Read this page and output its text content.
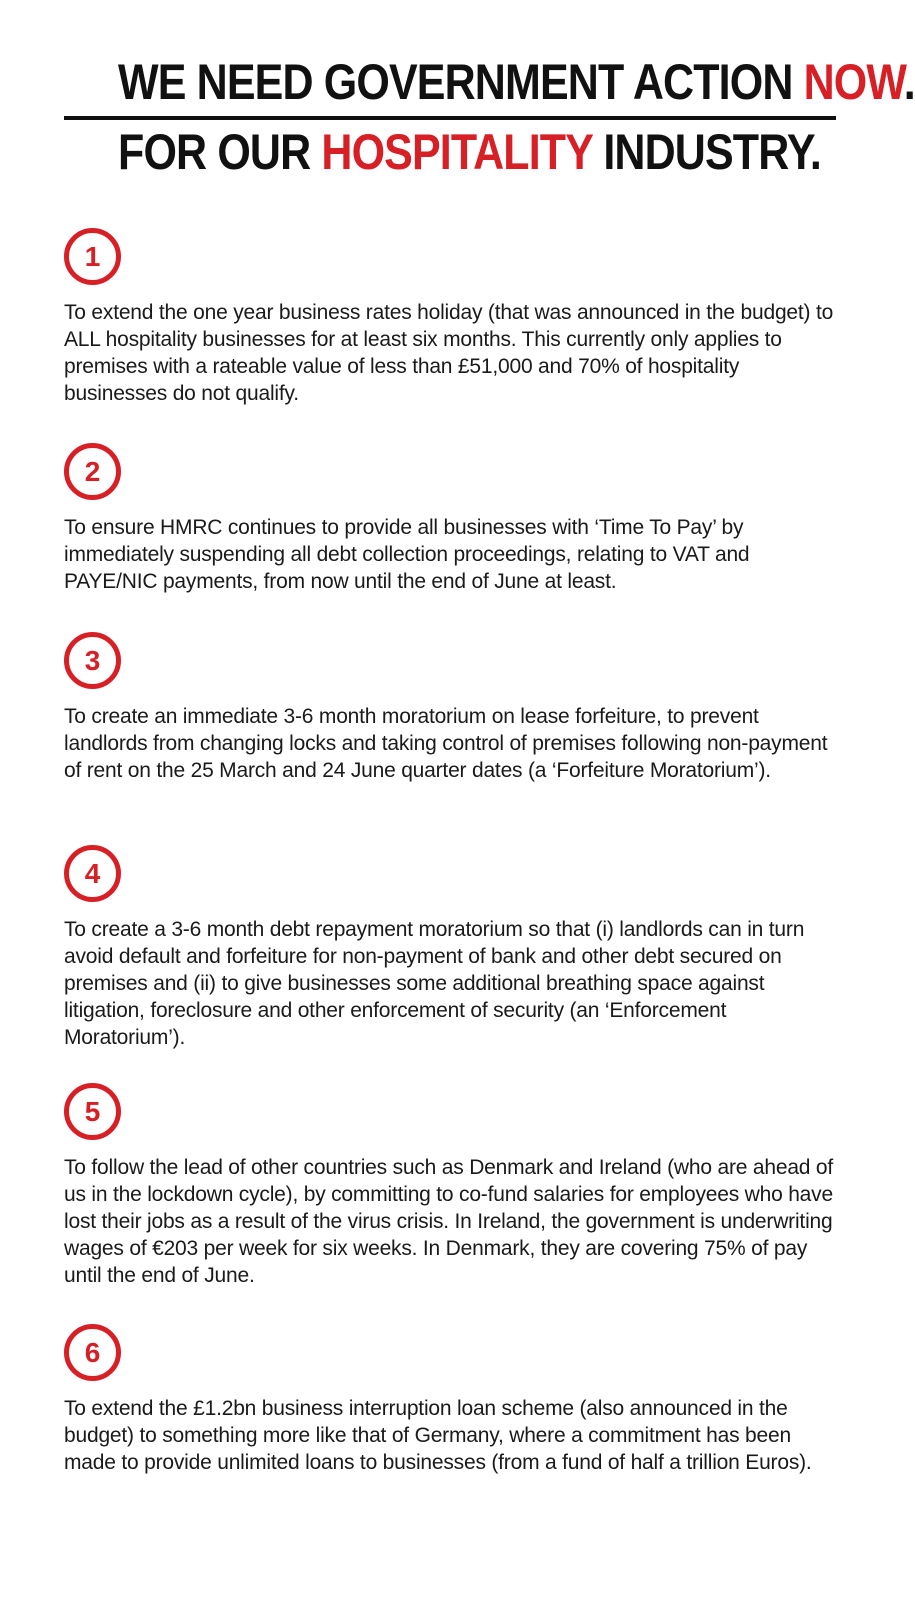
WE NEED GOVERNMENT ACTION NOW.
FOR OUR HOSPITALITY INDUSTRY.
1
To extend the one year business rates holiday (that was announced in the budget) to ALL hospitality businesses for at least six months. This currently only applies to premises with a rateable value of less than £51,000 and 70% of hospitality businesses do not qualify.
2
To ensure HMRC continues to provide all businesses with ‘Time To Pay’ by immediately suspending all debt collection proceedings, relating to VAT and PAYE/NIC payments, from now until the end of June at least.
3
To create an immediate 3-6 month moratorium on lease forfeiture, to prevent landlords from changing locks and taking control of premises following non-payment of rent on the 25 March and 24 June quarter dates (a ‘Forfeiture Moratorium’).
4
To create a 3-6 month debt repayment moratorium so that (i) landlords can in turn avoid default and forfeiture for non-payment of bank and other debt secured on premises and (ii) to give businesses some additional breathing space against litigation, foreclosure and other enforcement of security (an ‘Enforcement Moratorium’).
5
To follow the lead of other countries such as Denmark and Ireland (who are ahead of us in the lockdown cycle), by committing to co-fund salaries for employees who have lost their jobs as a result of the virus crisis. In Ireland, the government is underwriting wages of €203 per week for six weeks. In Denmark, they are covering 75% of pay until the end of June.
6
To extend the £1.2bn business interruption loan scheme (also announced in the budget) to something more like that of Germany, where a commitment has been made to provide unlimited loans to businesses (from a fund of half a trillion Euros).
